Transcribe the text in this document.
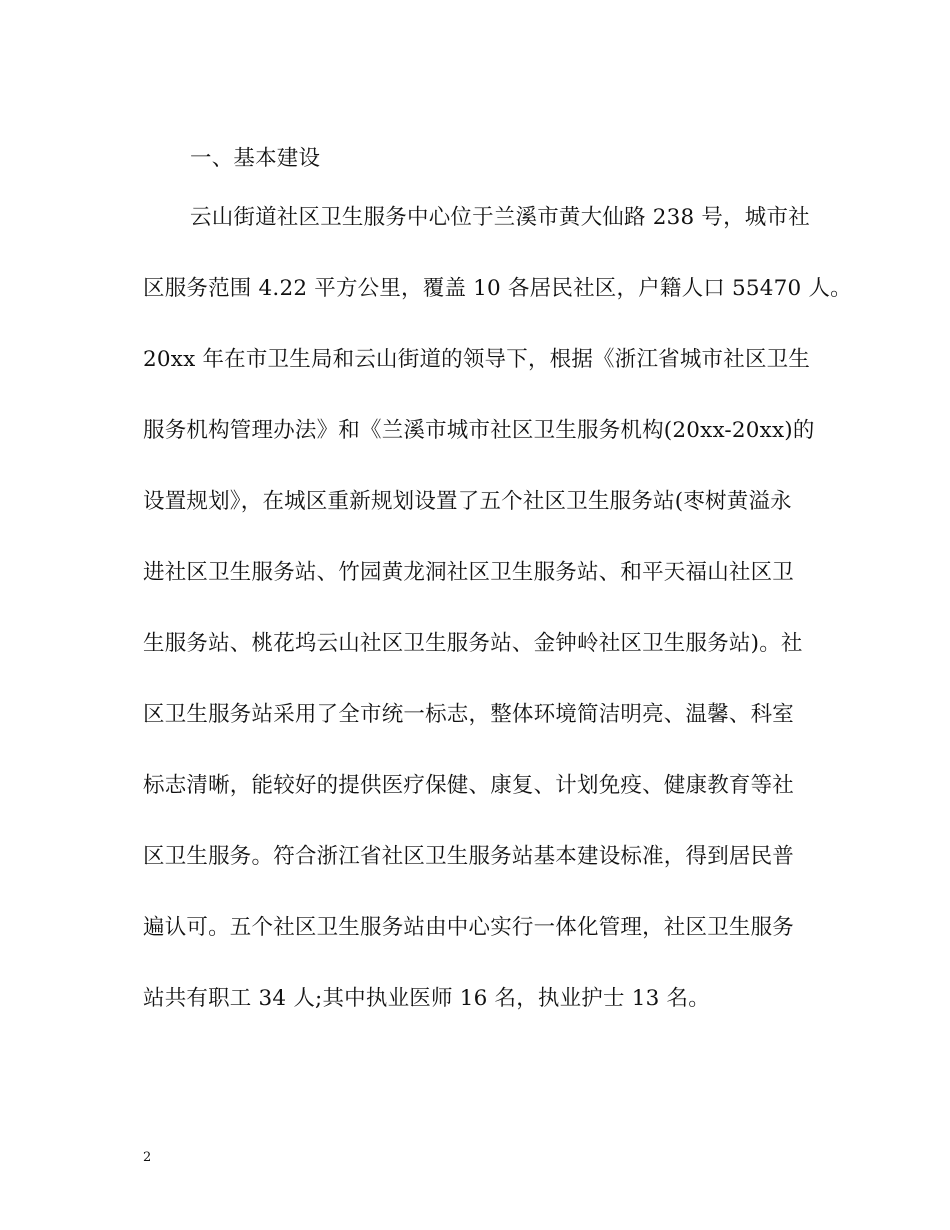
一、基本建设
云山街道社区卫生服务中心位于兰溪市黄大仙路 238 号，城市社
区服务范围 4.22 平方公里，覆盖 10 各居民社区，户籍人口 55470 人。
20xx 年在市卫生局和云山街道的领导下，根据《浙江省城市社区卫生
服务机构管理办法》和《兰溪市城市社区卫生服务机构(20xx-20xx)的
设置规划》，在城区重新规划设置了五个社区卫生服务站(枣树黄溢永
进社区卫生服务站、竹园黄龙洞社区卫生服务站、和平天福山社区卫
生服务站、桃花坞云山社区卫生服务站、金钟岭社区卫生服务站)。社
区卫生服务站采用了全市统一标志，整体环境简洁明亮、温馨、科室
标志清晰，能较好的提供医疗保健、康复、计划免疫、健康教育等社
区卫生服务。符合浙江省社区卫生服务站基本建设标准，得到居民普
遍认可。五个社区卫生服务站由中心实行一体化管理，社区卫生服务
站共有职工 34 人;其中执业医师 16 名，执业护士 13 名。
2
